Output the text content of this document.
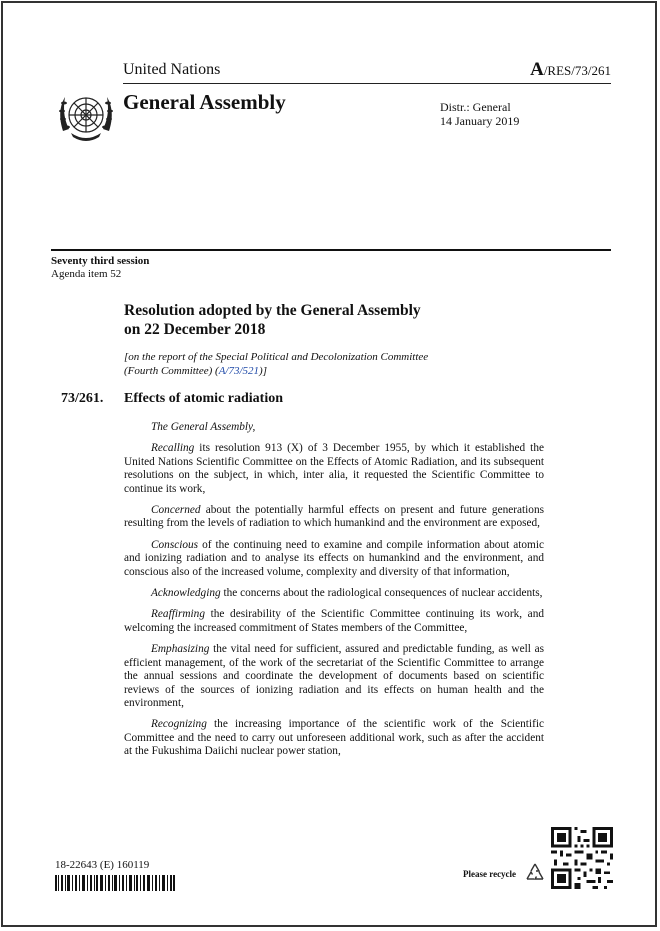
United Nations	A/RES/73/261
General Assembly	Distr.: General
14 January 2019
Seventy third session
Agenda item 52
Resolution adopted by the General Assembly
on 22 December 2018
[on the report of the Special Political and Decolonization Committee
(Fourth Committee) (A/73/521)]
73/261. Effects of atomic radiation

The General Assembly,

Recalling its resolution 913 (X) of 3 December 1955, by which it established the United Nations Scientific Committee on the Effects of Atomic Radiation, and its subsequent resolutions on the subject, in which, inter alia, it requested the Scientific Committee to continue its work,

Concerned about the potentially harmful effects on present and future generations resulting from the levels of radiation to which humankind and the environment are exposed,

Conscious of the continuing need to examine and compile information about atomic and ionizing radiation and to analyse its effects on humankind and the environment, and conscious also of the increased volume, complexity and diversity of that information,

Acknowledging the concerns about the radiological consequences of nuclear accidents,

Reaffirming the desirability of the Scientific Committee continuing its work, and welcoming the increased commitment of States members of the Committee,

Emphasizing the vital need for sufficient, assured and predictable funding, as well as efficient management, of the work of the secretariat of the Scientific Committee to arrange the annual sessions and coordinate the development of documents based on scientific reviews of the sources of ionizing radiation and its effects on human health and the environment,

Recognizing the increasing importance of the scientific work of the Scientific Committee and the need to carry out unforeseen additional work, such as after the accident at the Fukushima Daiichi nuclear power station,

18-22643 (E) 160119
Please recycle
